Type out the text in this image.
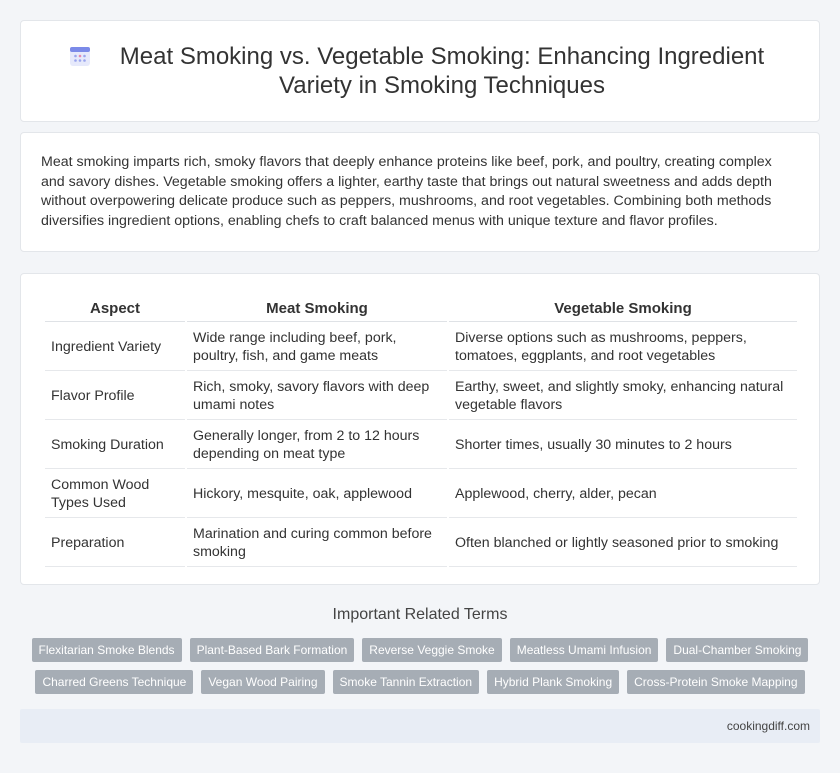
Meat Smoking vs. Vegetable Smoking: Enhancing Ingredient Variety in Smoking Techniques

Meat smoking imparts rich, smoky flavors that deeply enhance proteins like beef, pork, and poultry, creating complex and savory dishes. Vegetable smoking offers a lighter, earthy taste that brings out natural sweetness and adds depth without overpowering delicate produce such as peppers, mushrooms, and root vegetables. Combining both methods diversifies ingredient options, enabling chefs to craft balanced menus with unique texture and flavor profiles.

Aspect	Meat Smoking	Vegetable Smoking
Ingredient Variety	Wide range including beef, pork, poultry, fish, and game meats	Diverse options such as mushrooms, peppers, tomatoes, eggplants, and root vegetables
Flavor Profile	Rich, smoky, savory flavors with deep umami notes	Earthy, sweet, and slightly smoky, enhancing natural vegetable flavors
Smoking Duration	Generally longer, from 2 to 12 hours depending on meat type	Shorter times, usually 30 minutes to 2 hours
Common Wood Types Used	Hickory, mesquite, oak, applewood	Applewood, cherry, alder, pecan
Preparation	Marination and curing common before smoking	Often blanched or lightly seasoned prior to smoking
Important Related Terms
Flexitarian Smoke Blends	Plant-Based Bark Formation	Reverse Veggie Smoke	Meatless Umami Infusion	Dual-Chamber Smoking
Charred Greens Technique	Vegan Wood Pairing	Smoke Tannin Extraction	Hybrid Plank Smoking	Cross-Protein Smoke Mapping
cookingdiff.com
